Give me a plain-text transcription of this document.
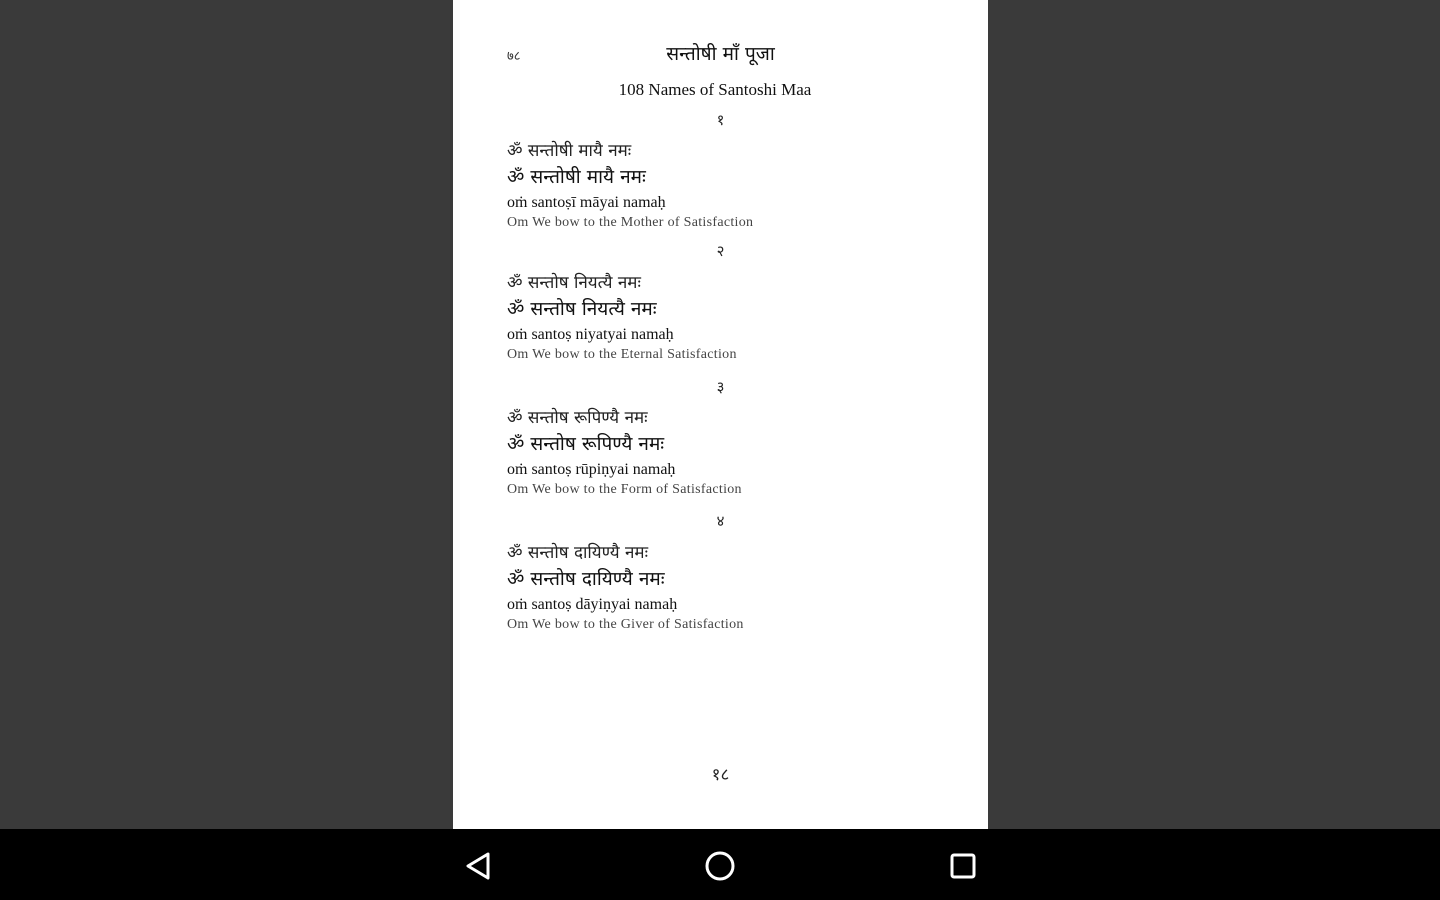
७८	सन्तोषी माँ पूजा
108 Names of Santoshi Maa
१
ॐ सन्तोषी मायै नमः
ॐ सन्तोषी मायै नमः
oṁ santoṣī māyai namaḥ
Om We bow to the Mother of Satisfaction
२
ॐ सन्तोष नियत्यै नमः
ॐ सन्तोष नियत्यै नमः
oṁ santoṣ niyatyai namaḥ
Om We bow to the Eternal Satisfaction
३
ॐ सन्तोष रूपिण्यै नमः
ॐ सन्तोष रूपिण्यै नमः
oṁ santoṣ rūpiṇyai namaḥ
Om We bow to the Form of Satisfaction
४
ॐ सन्तोष दायिण्यै नमः
ॐ सन्तोष दायिण्यै नमः
oṁ santoṣ dāyiṇyai namaḥ
Om We bow to the Giver of Satisfaction
१८
